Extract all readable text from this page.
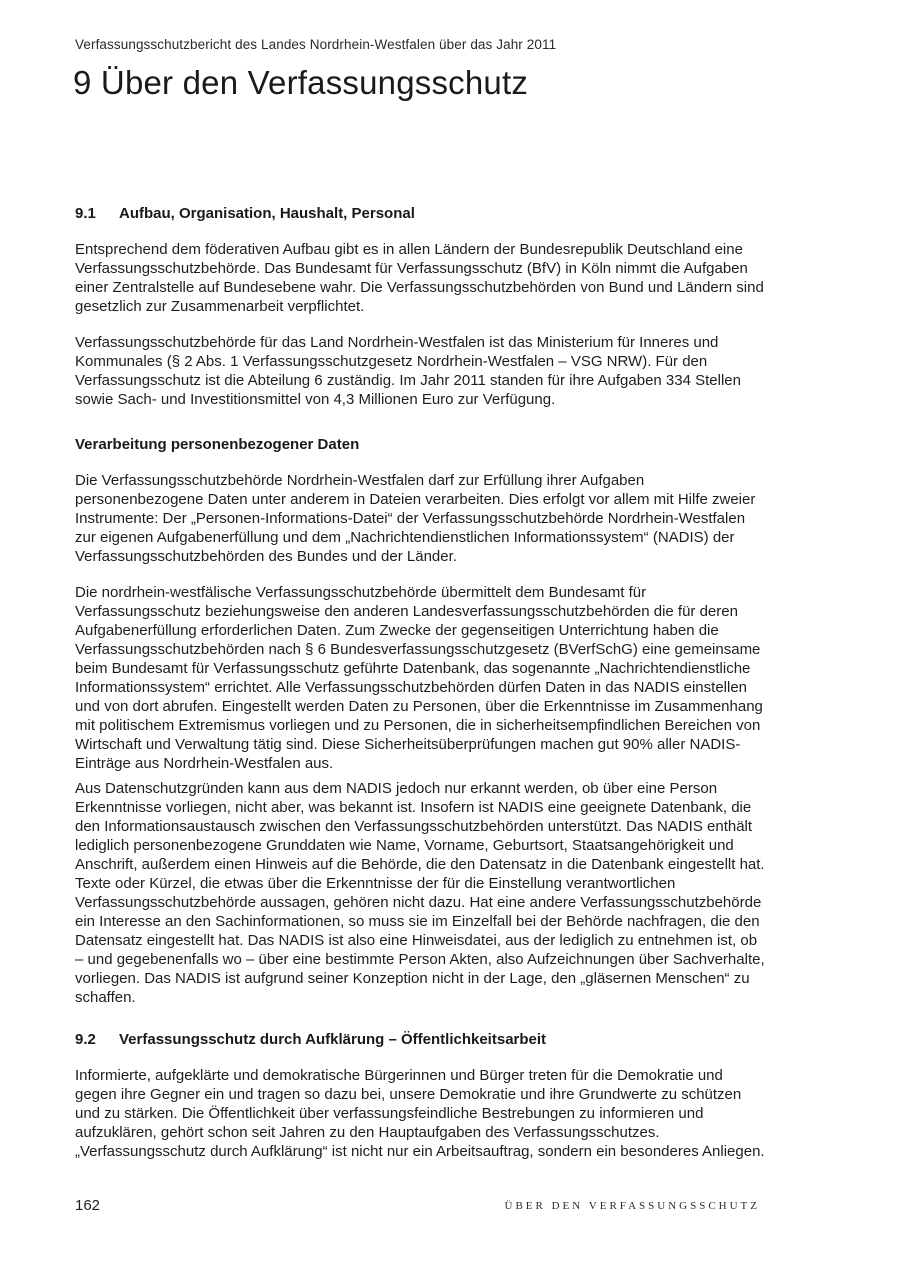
Verfassungsschutzbericht des Landes Nordrhein-Westfalen über das Jahr 2011
9 Über den Verfassungsschutz
9.1	Aufbau, Organisation, Haushalt, Personal

Entsprechend dem föderativen Aufbau gibt es in allen Ländern der Bundesrepublik Deutschland eine Verfassungsschutzbehörde. Das Bundesamt für Verfassungsschutz (BfV) in Köln nimmt die Aufgaben einer Zentralstelle auf Bundesebene wahr. Die Verfassungsschutzbehörden von Bund und Ländern sind gesetzlich zur Zusammenarbeit verpflichtet.

Verfassungsschutzbehörde für das Land Nordrhein-Westfalen ist das Ministerium für Inneres und Kommunales (§ 2 Abs. 1 Verfassungsschutzgesetz Nordrhein-Westfalen – VSG NRW). Für den Verfassungsschutz ist die Abteilung 6 zuständig. Im Jahr 2011 standen für ihre Aufgaben 334 Stellen sowie Sach- und Investitionsmittel von 4,3 Millionen Euro zur Verfügung.

Verarbeitung personenbezogener Daten

Die Verfassungsschutzbehörde Nordrhein-Westfalen darf zur Erfüllung ihrer Aufgaben personenbezogene Daten unter anderem in Dateien verarbeiten. Dies erfolgt vor allem mit Hilfe zweier Instrumente: Der „Personen-Informations-Datei“ der Verfassungsschutzbehörde Nordrhein-Westfalen zur eigenen Aufgabenerfüllung und dem „Nachrichtendienstlichen Informationssystem“ (NADIS) der Verfassungsschutzbehörden des Bundes und der Länder.

Die nordrhein-westfälische Verfassungsschutzbehörde übermittelt dem Bundesamt für Verfassungsschutz beziehungsweise den anderen Landesverfassungsschutzbehörden die für deren Aufgabenerfüllung erforderlichen Daten. Zum Zwecke der gegenseitigen Unterrichtung haben die Verfassungsschutzbehörden nach § 6 Bundesverfassungsschutzgesetz (BVerfSchG) eine gemeinsame beim Bundesamt für Verfassungsschutz geführte Datenbank, das sogenannte „Nachrichtendienstliche Informationssystem“ errichtet. Alle Verfassungsschutzbehörden dürfen Daten in das NADIS einstellen und von dort abrufen. Eingestellt werden Daten zu Personen, über die Erkenntnisse im Zusammenhang mit politischem Extremismus vorliegen und zu Personen, die in sicherheitsempfindlichen Bereichen von Wirtschaft und Verwaltung tätig sind. Diese Sicherheitsüberprüfungen machen gut 90% aller NADIS-Einträge aus Nordrhein-Westfalen aus.

Aus Datenschutzgründen kann aus dem NADIS jedoch nur erkannt werden, ob über eine Person Erkenntnisse vorliegen, nicht aber, was bekannt ist. Insofern ist NADIS eine geeignete Datenbank, die den Informationsaustausch zwischen den Verfassungsschutzbehörden unterstützt. Das NADIS enthält lediglich personenbezogene Grunddaten wie Name, Vorname, Geburtsort, Staatsangehörigkeit und Anschrift, außerdem einen Hinweis auf die Behörde, die den Datensatz in die Datenbank eingestellt hat. Texte oder Kürzel, die etwas über die Erkenntnisse der für die Einstellung verantwortlichen Verfassungsschutzbehörde aussagen, gehören nicht dazu. Hat eine andere Verfassungsschutzbehörde ein Interesse an den Sachinformationen, so muss sie im Einzelfall bei der Behörde nachfragen, die den Datensatz eingestellt hat. Das NADIS ist also eine Hinweisdatei, aus der lediglich zu entnehmen ist, ob – und gegebenenfalls wo – über eine bestimmte Person Akten, also Aufzeichnungen über Sachverhalte, vorliegen. Das NADIS ist aufgrund seiner Konzeption nicht in der Lage, den „gläsernen Menschen“ zu schaffen.

9.2	Verfassungsschutz durch Aufklärung – Öffentlichkeitsarbeit

Informierte, aufgeklärte und demokratische Bürgerinnen und Bürger treten für die Demokratie und gegen ihre Gegner ein und tragen so dazu bei, unsere Demokratie und ihre Grundwerte zu schützen und zu stärken. Die Öffentlichkeit über verfassungsfeindliche Bestrebungen zu informieren und aufzuklären, gehört schon seit Jahren zu den Hauptaufgaben des Verfassungsschutzes. „Verfassungsschutz durch Aufklärung“ ist nicht nur ein Arbeitsauftrag, sondern ein besonderes Anliegen.

162	ÜBER DEN VERFASSUNGSSCHUTZ
